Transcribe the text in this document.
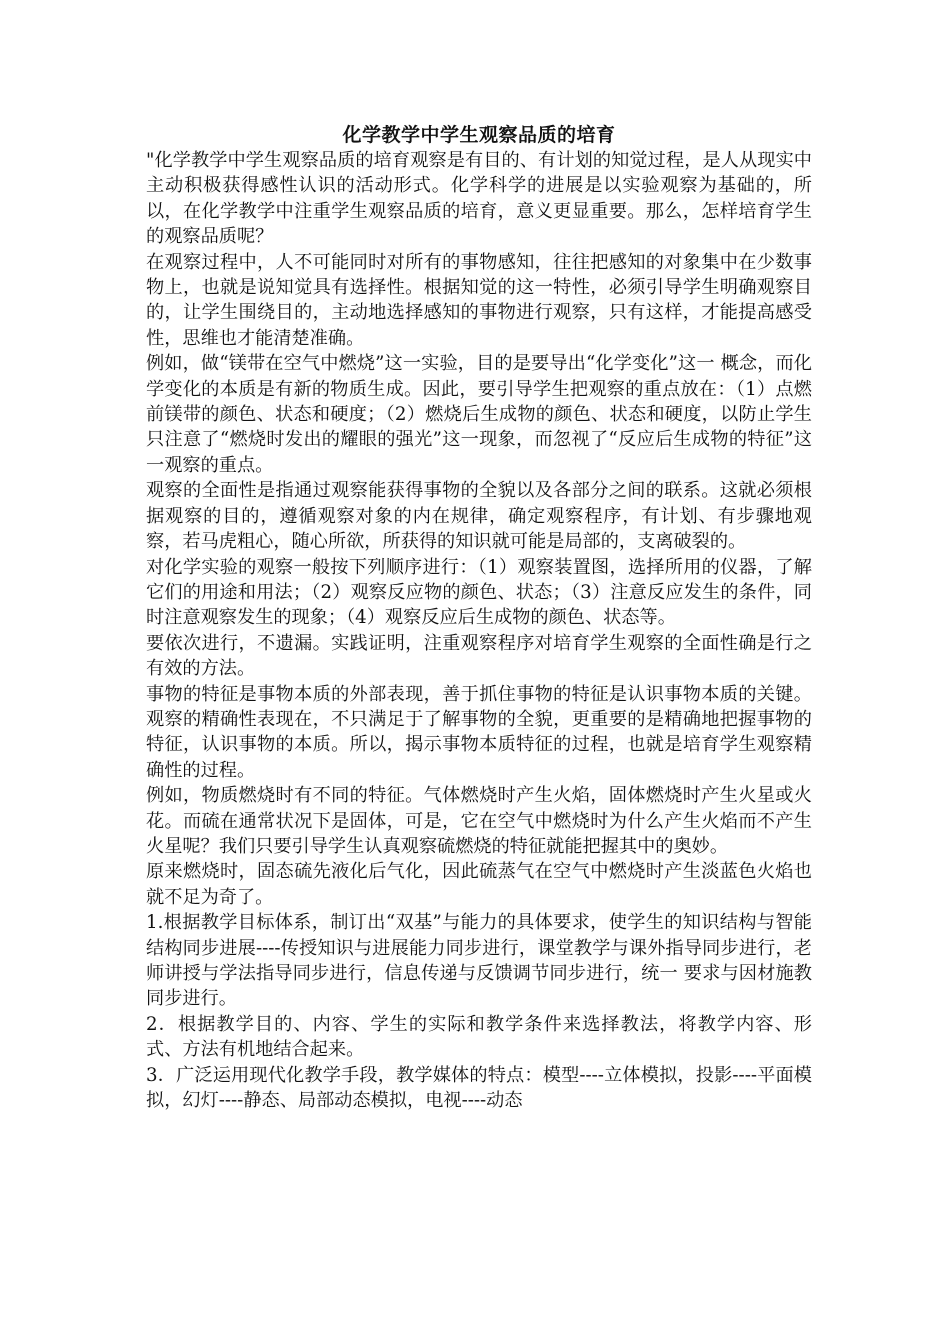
化学教学中学生观察品质的培育

"化学教学中学生观察品质的培育观察是有目的、有计划的知觉过程，是人从现实中主动积极获得感性认识的活动形式。化学科学的进展是以实验观察为基础的，所以，在化学教学中注重学生观察品质的培育，意义更显重要。那么，怎样培育学生的观察品质呢？

在观察过程中，人不可能同时对所有的事物感知，往往把感知的对象集中在少数事物上，也就是说知觉具有选择性。根据知觉的这一特性，必须引导学生明确观察目的，让学生围绕目的，主动地选择感知的事物进行观察，只有这样，才能提高感受性，思维也才能清楚准确。

例如，做“镁带在空气中燃烧”这一实验，目的是要导出“化学变化”这一 概念，而化学变化的本质是有新的物质生成。因此，要引导学生把观察的重点放在：（1）点燃前镁带的颜色、状态和硬度；（2）燃烧后生成物的颜色、状态和硬度，以防止学生只注意了“燃烧时发出的耀眼的强光”这一现象，而忽视了“反应后生成物的特征”这一观察的重点。

观察的全面性是指通过观察能获得事物的全貌以及各部分之间的联系。这就必须根据观察的目的，遵循观察对象的内在规律，确定观察程序，有计划、有步骤地观察，若马虎粗心，随心所欲，所获得的知识就可能是局部的，支离破裂的。

对化学实验的观察一般按下列顺序进行：（1）观察装置图，选择所用的仪器，了解它们的用途和用法；（2）观察反应物的颜色、状态；（3）注意反应发生的条件，同时注意观察发生的现象；（4）观察反应后生成物的颜色、状态等。

要依次进行，不遗漏。实践证明，注重观察程序对培育学生观察的全面性确是行之有效的方法。

事物的特征是事物本质的外部表现，善于抓住事物的特征是认识事物本质的关键。观察的精确性表现在，不只满足于了解事物的全貌，更重要的是精确地把握事物的特征，认识事物的本质。所以，揭示事物本质特征的过程，也就是培育学生观察精确性的过程。

例如，物质燃烧时有不同的特征。气体燃烧时产生火焰，固体燃烧时产生火星或火花。而硫在通常状况下是固体，可是，它在空气中燃烧时为什么产生火焰而不产生火星呢？我们只要引导学生认真观察硫燃烧的特征就能把握其中的奥妙。

原来燃烧时，固态硫先液化后气化，因此硫蒸气在空气中燃烧时产生淡蓝色火焰也就不足为奇了。

1.根据教学目标体系，制订出“双基”与能力的具体要求，使学生的知识结构与智能结构同步进展----传授知识与进展能力同步进行，课堂教学与课外指导同步进行，老师讲授与学法指导同步进行，信息传递与反馈调节同步进行，统一 要求与因材施教同步进行。

2．根据教学目的、内容、学生的实际和教学条件来选择教法，将教学内容、形式、方法有机地结合起来。

3．广泛运用现代化教学手段，教学媒体的特点：模型----立体模拟，投影----平面模拟，幻灯----静态、局部动态模拟，电视----动态
